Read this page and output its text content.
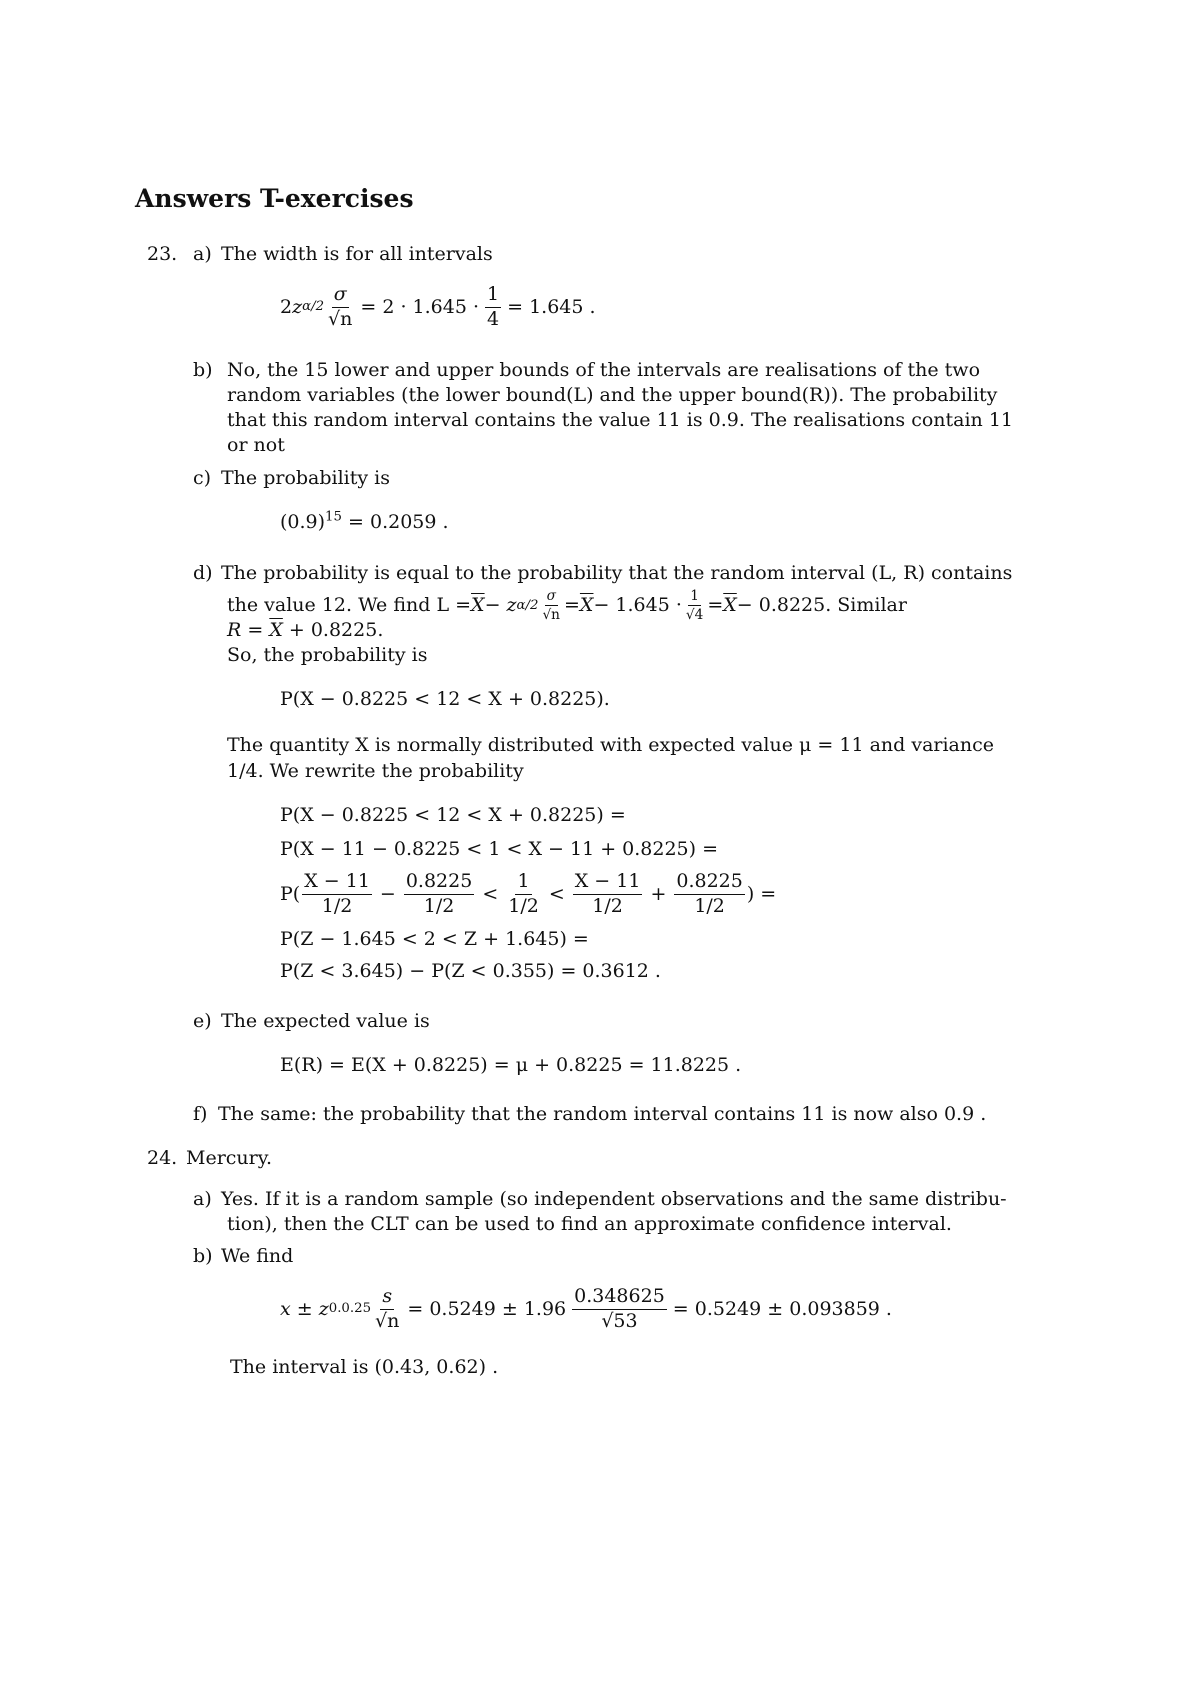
Answers T-exercises
23. a) The width is for all intervals
2 z $\alpha/2 \frac{\sigma}{√n} = 2 \cdot 1.645 \cdot \frac{1}{4} = 1.645$ .
b) No, the 15 lower and upper bounds of the intervals are realisations of the two
random variables (the lower bound(L) and the upper bound(R)). The probability
that this random interval contains the value 11 is 0.9. The realisations contain 11
or not
c) The probability is
$(0.9)^{15} = 0.2059$ .
d) The probability is equal to the probability that the random interval (L, R) contains
the value 12. We find $L = \overline{X} - z$ $\alpha/2 \frac{\sigma}{√n} = \overline{X} - 1.645 \cdot \frac{1}{√4} = \overline{X} - 0.8225$. Similar
$R = \overline{X} + 0.8225$.
So, the probability is
P(X − 0.8225 < 12 < X + 0.8225).
The quantity X is normally distributed with expected value μ = 11 and variance
1/4. We rewrite the probability
P(X − 0.8225 < 12 < X + 0.8225) =
P(X − 11 − 0.8225 < 1 < X − 11 + 0.8225) =
$P( \frac{X - 11}{1/2} - \frac{0.8225}{1/2} < \frac{1}{1/2} < \frac{X - 11}{1/2} + \frac{0.8225}{1/2}$ ) =
P(Z − 1.645 < 2 < Z + 1.645) =
P(Z < 3.645) − P(Z < 0.355) = 0.3612 .
e) The expected value is
E(R) = E(X + 0.8225) = μ + 0.8225 = 11.8225 .
f) The same: the probability that the random interval contains 11 is now also 0.9 .
24. Mercury.
a) Yes. If it is a random sample (so independent observations and the same distribu-
tion), then the CLT can be used to find an approximate confidence interval.
b) We find
x ± z $0.0.25 \frac{s}{√n} = 0.5249 \pm 1.96 \frac{0.348625}{√53} = 0.5249 \pm 0.093859$ .
The interval is (0.43, 0.62) .
